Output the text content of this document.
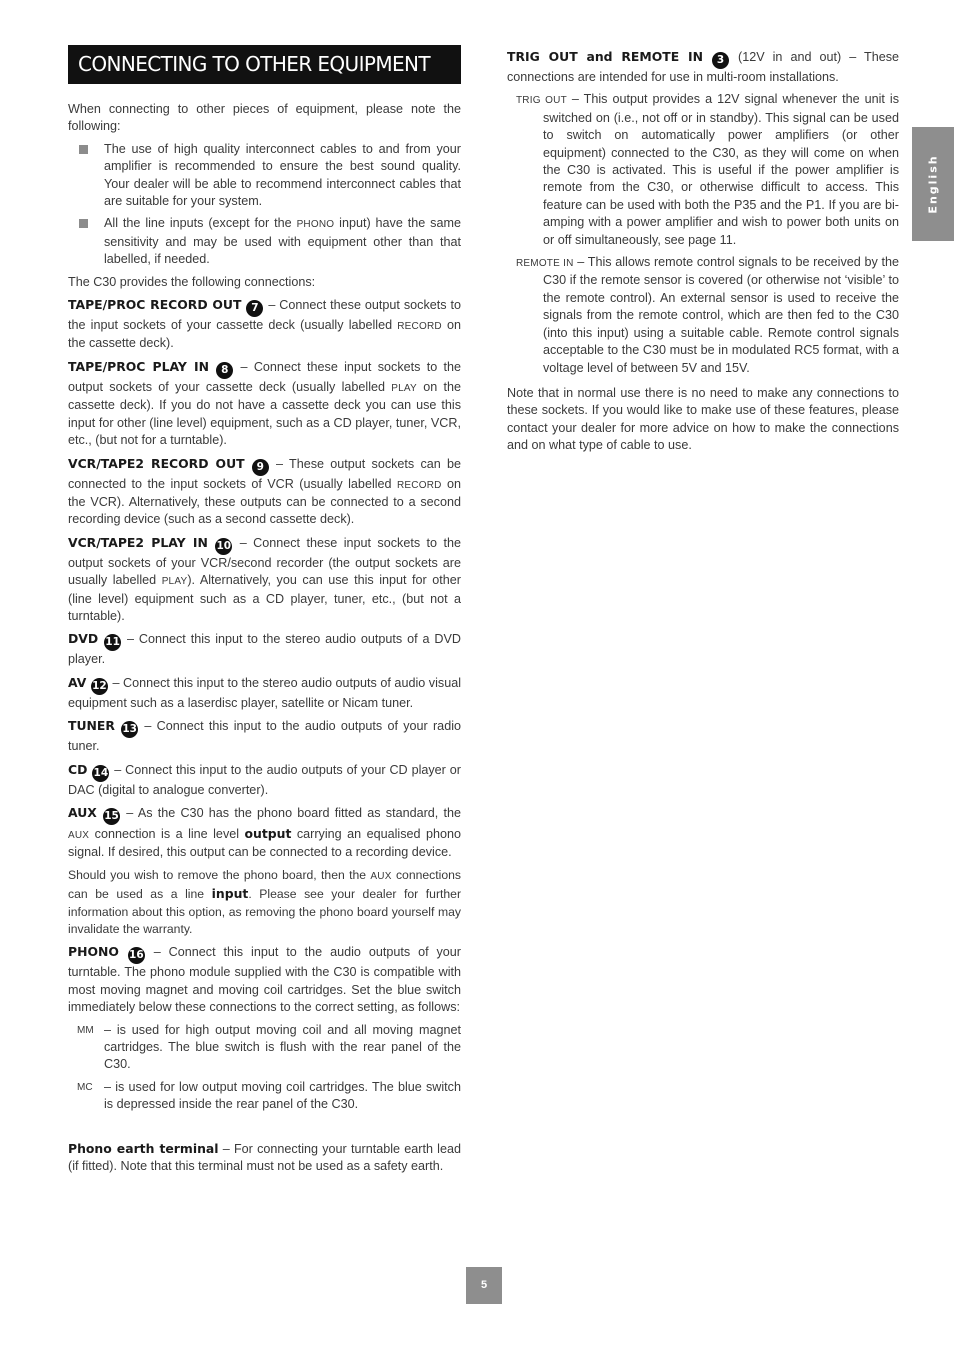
CONNECTING TO OTHER EQUIPMENT
English

When connecting to other pieces of equipment, please note the following:

The use of high quality interconnect cables to and from your amplifier is recommended to ensure the best sound quality. Your dealer will be able to recommend interconnect cables that are suitable for your system.
All the line inputs (except for the PHONO input) have the same sensitivity and may be used with equipment other than that labelled, if needed.

The C30 provides the following connections:

TAPE/PROC RECORD OUT 7 – Connect these output sockets to the input sockets of your cassette deck (usually labelled RECORD on the cassette deck).

TAPE/PROC PLAY IN 8 – Connect these input sockets to the output sockets of your cassette deck (usually labelled PLAY on the cassette deck). If you do not have a cassette deck you can use this input for other (line level) equipment, such as a CD player, tuner, VCR, etc., (but not for a turntable).

VCR/TAPE2 RECORD OUT 9 – These output sockets can be connected to the input sockets of VCR (usually labelled RECORD on the VCR). Alternatively, these outputs can be connected to a second recording device (such as a second cassette deck).

VCR/TAPE2 PLAY IN 10 – Connect these input sockets to the output sockets of your VCR/second recorder (the output sockets are usually labelled PLAY). Alternatively, you can use this input for other (line level) equipment such as a CD player, tuner, etc., (but not a turntable).

DVD 11 – Connect this input to the stereo audio outputs of a DVD player.

AV 12 – Connect this input to the stereo audio outputs of audio visual equipment such as a laserdisc player, satellite or Nicam tuner.

TUNER 13 – Connect this input to the audio outputs of your radio tuner.

CD 14 – Connect this input to the audio outputs of your CD player or DAC (digital to analogue converter).

AUX 15 – As the C30 has the phono board fitted as standard, the AUX connection is a line level output carrying an equalised phono signal. If desired, this output can be connected to a recording device.

Should you wish to remove the phono board, then the AUX connections can be used as a line input. Please see your dealer for further information about this option, as removing the phono board yourself may invalidate the warranty.

PHONO 16 – Connect this input to the audio outputs of your turntable. The phono module supplied with the C30 is compatible with most moving magnet and moving coil cartridges. Set the blue switch immediately below these connections to the correct setting, as follows:

MM – is used for high output moving coil and all moving magnet cartridges. The blue switch is flush with the rear panel of the C30.
MC – is used for low output moving coil cartridges. The blue switch is depressed inside the rear panel of the C30.

Phono earth terminal – For connecting your turntable earth lead (if fitted). Note that this terminal must not be used as a safety earth.

TRIG OUT and REMOTE IN 3 (12V in and out) – These connections are intended for use in multi-room installations.

TRIG OUT – This output provides a 12V signal whenever the unit is switched on (i.e., not off or in standby). This signal can be used to switch on automatically power amplifiers (or other equipment) connected to the C30, as they will come on when the C30 is activated. This is useful if the power amplifier is remote from the C30, or otherwise difficult to access. This feature can be used with both the P35 and the P1. If you are bi-amping with a power amplifier and wish to power both units on or off simultaneously, see page 11.

REMOTE IN – This allows remote control signals to be received by the C30 if the remote sensor is covered (or otherwise not ‘visible’ to the remote control). An external sensor is used to receive the signals from the remote control, which are then fed to the C30 (into this input) using a suitable cable. Remote control signals acceptable to the C30 must be in modulated RC5 format, with a voltage level of between 5V and 15V.

Note that in normal use there is no need to make any connections to these sockets. If you would like to make use of these features, please contact your dealer for more advice on how to make the connections and on what type of cable to use.

5
